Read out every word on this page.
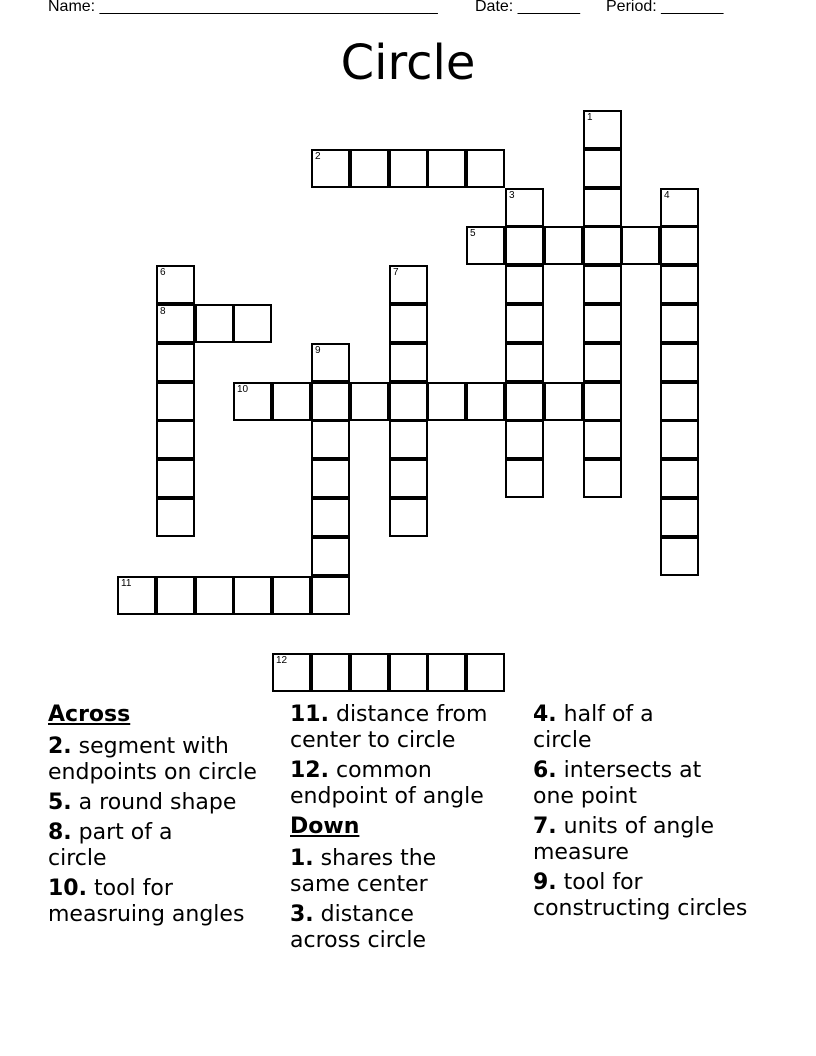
Name: ______________________________________

Date: _______

Period: _______

Circle
1
2
3	4
5
6
8
7
9
10
11
12
Across
2. segment with endpoints on circle
5. a round shape
8. part of a circle
10. tool for measruing angles
11. distance from center to circle
12. common endpoint of angle
Down
1. shares the same center
3. distance across circle
4. half of a circle
6. intersects at one point
7. units of angle measure
9. tool for constructing circles
